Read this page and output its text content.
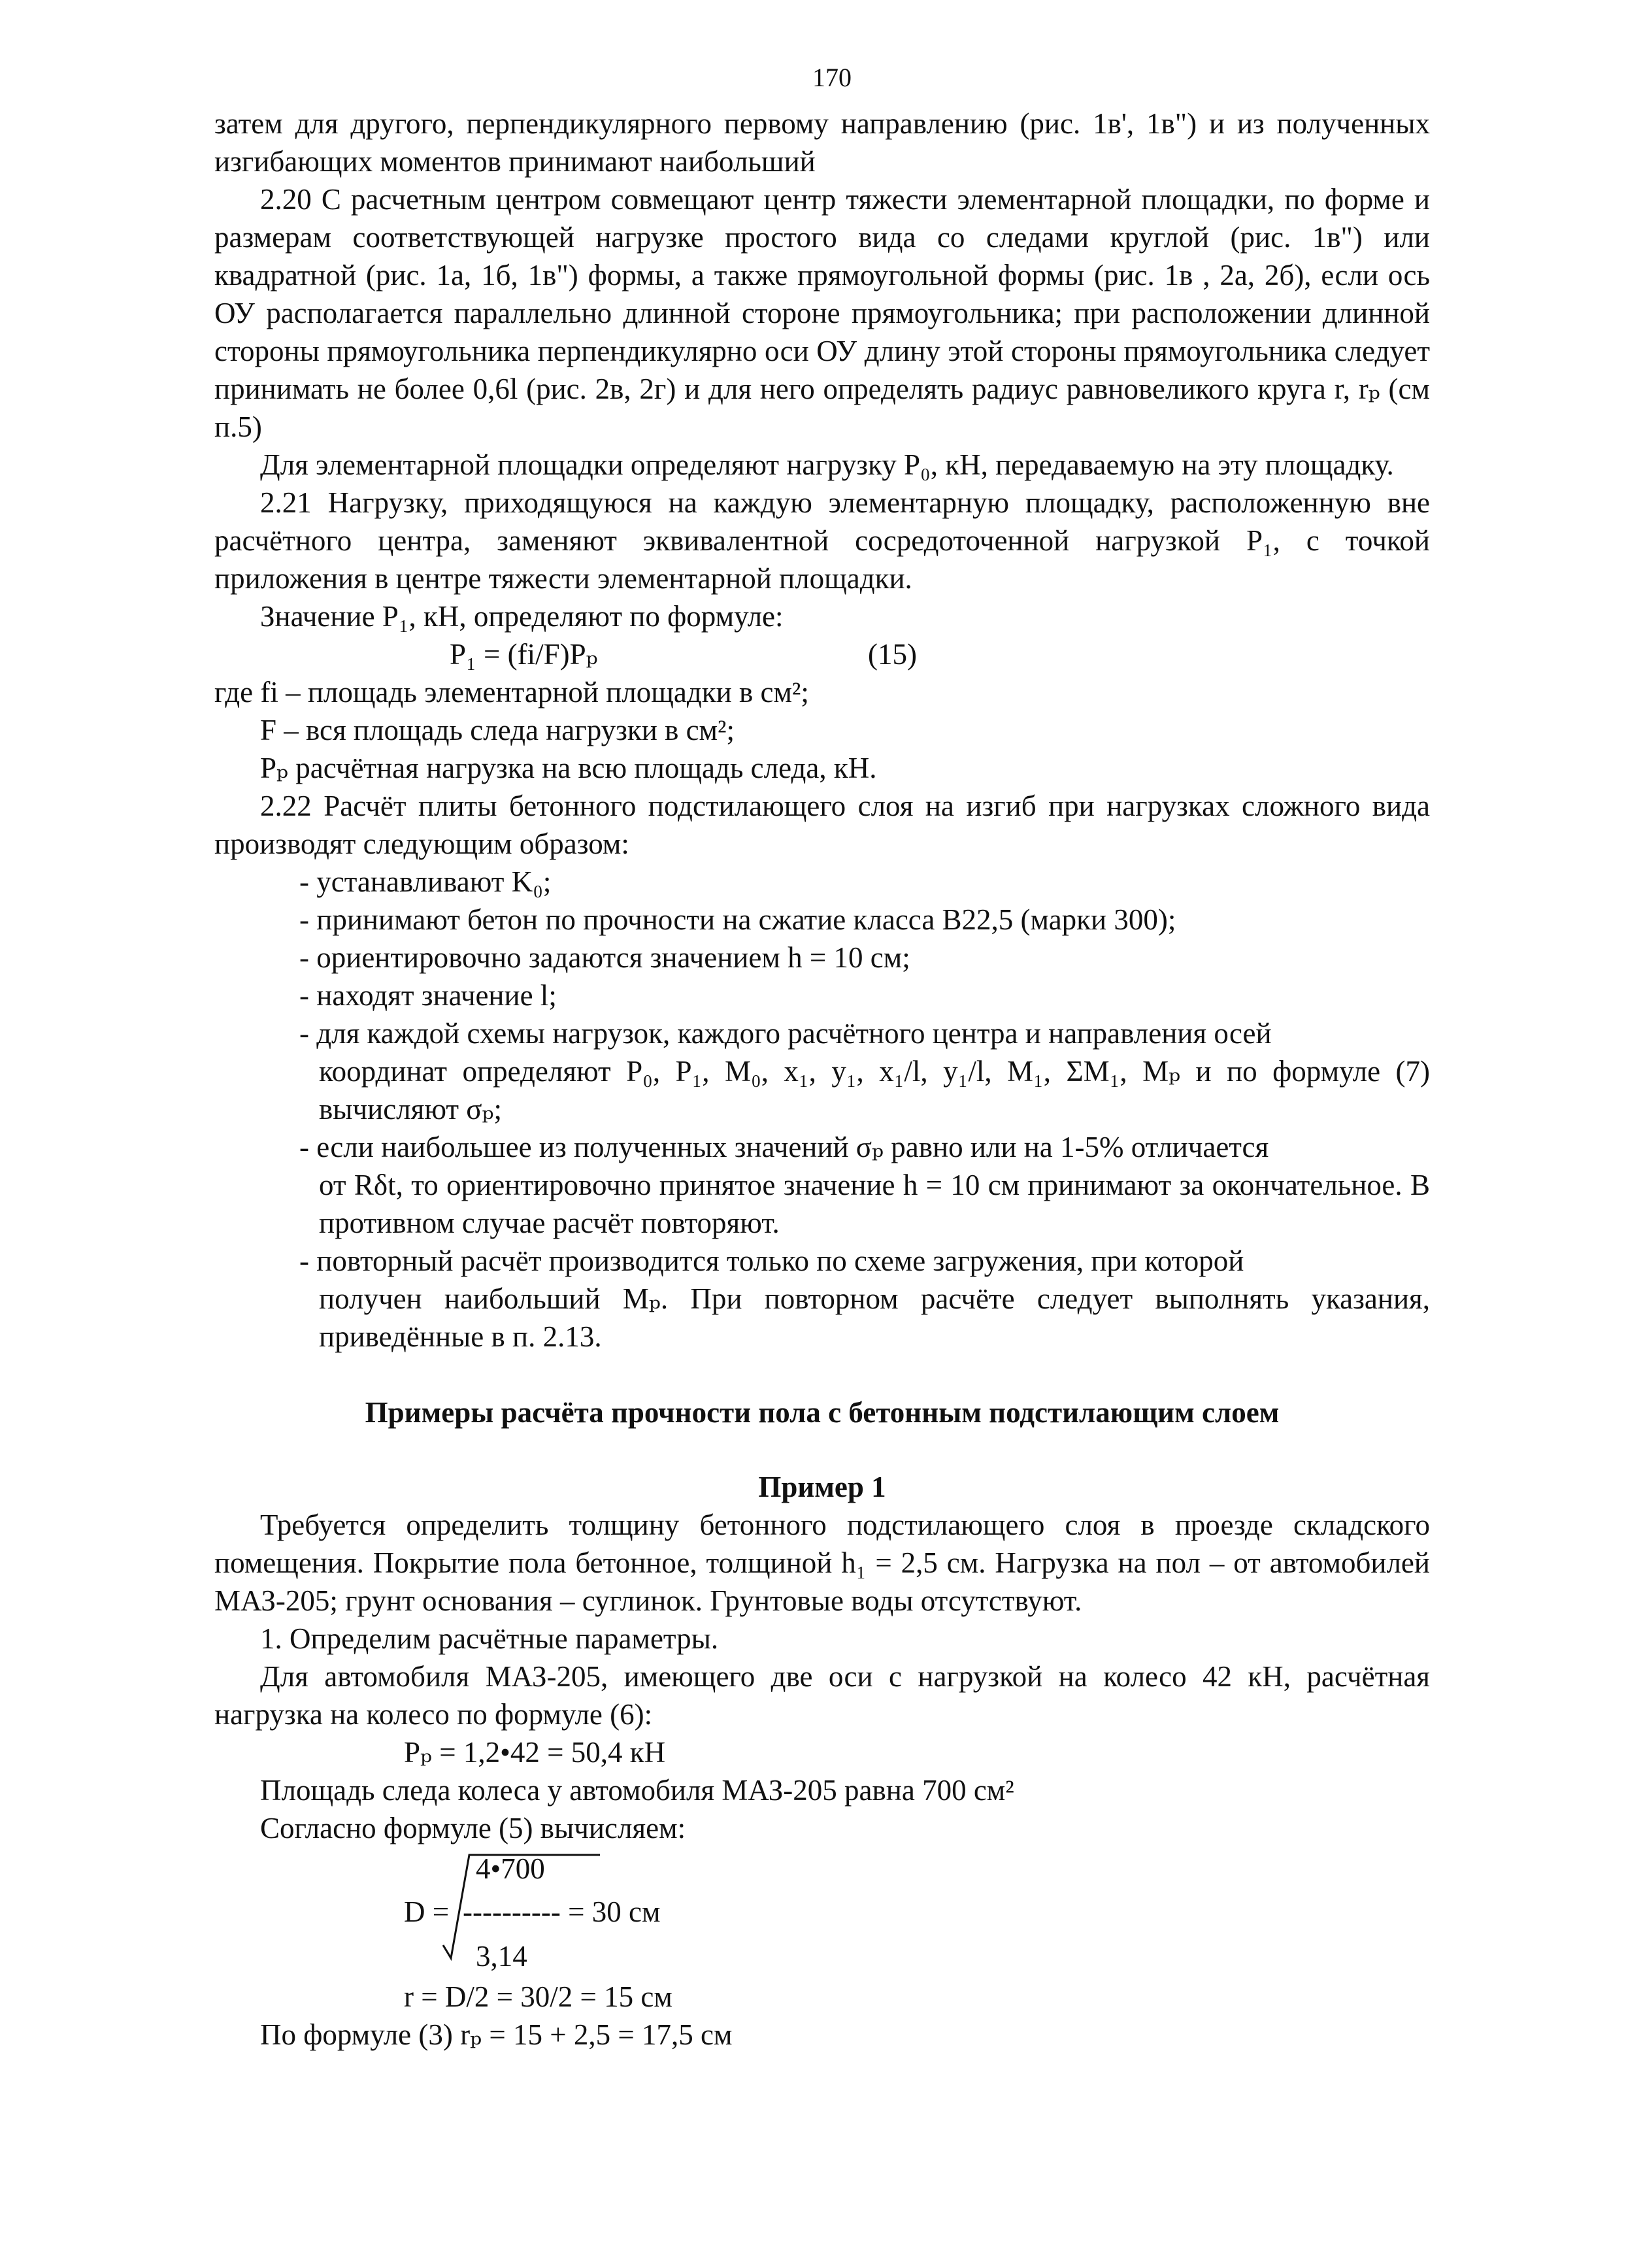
170

затем для другого, перпендикулярного первому направлению (рис. 1в', 1в") и из полученных изгибающих моментов принимают наибольший

2.20 С расчетным центром совмещают центр тяжести элементарной площадки, по форме и размерам соответствующей нагрузке простого вида со следами круглой (рис. 1в") или квадратной (рис. 1а, 1б, 1в") формы, а также прямоугольной формы (рис. 1в , 2а, 2б), если ось ОУ располагается параллельно длинной стороне прямоугольника; при расположении длинной стороны прямоугольника перпендикулярно оси ОУ длину этой стороны прямоугольника следует принимать не более 0,6l (рис. 2в, 2г) и для него определять радиус равновеликого круга r, rₚ (см п.5)

Для элементарной площадки определяют нагрузку P₀, кН, передаваемую на эту площадку.

2.21 Нагрузку, приходящуюся на каждую элементарную площадку, расположенную вне расчётного центра, заменяют эквивалентной сосредоточенной нагрузкой P₁, с точкой приложения в центре тяжести элементарной площадки.

Значение P₁, кН, определяют по формуле:

P₁ = (fi/F)Pₚ	(15)

где fi – площадь элементарной площадки в см²;

F – вся площадь следа нагрузки в см²;

Pₚ расчётная нагрузка на всю площадь следа, кН.

2.22 Расчёт плиты бетонного подстилающего слоя на изгиб при нагрузках сложного вида производят следующим образом:

- устанавливают K₀;

- принимают бетон по прочности на сжатие класса В22,5 (марки 300);

- ориентировочно задаются значением h = 10 см;

- находят значение l;

- для каждой схемы нагрузок, каждого расчётного центра и направления осей
координат определяют P₀, P₁, M₀, x₁, y₁, x₁/l, y₁/l, M₁, ΣM₁, Mₚ и по формуле (7) вычисляют σₚ;

- если наибольшее из полученных значений σₚ равно или на 1-5% отличается
от Rδt, то ориентировочно принятое значение h = 10 см принимают за окончательное. В противном случае расчёт повторяют.

- повторный расчёт производится только по схеме загружения, при которой
получен наибольший Mₚ. При повторном расчёте следует выполнять указания, приведённые в п. 2.13.

Примеры расчёта прочности пола с бетонным подстилающим слоем
Пример 1

Требуется определить толщину бетонного подстилающего слоя в проезде складского помещения. Покрытие пола бетонное, толщиной h₁ = 2,5 см. Нагрузка на пол – от автомобилей МАЗ-205; грунт основания – суглинок. Грунтовые воды отсутствуют.

1. Определим расчётные параметры.

Для автомобиля МАЗ-205, имеющего две оси с нагрузкой на колесо 42 кН, расчётная нагрузка на колесо по формуле (6):

Pₚ = 1,2•42 = 50,4 кН

Площадь следа колеса у автомобиля МАЗ-205 равна 700 см²

Согласно формуле (5) вычисляем:

D =
4•700
---------- = 30 см
3,14

r = D/2 = 30/2 = 15 см

По формуле (3) rₚ = 15 + 2,5 = 17,5 см
